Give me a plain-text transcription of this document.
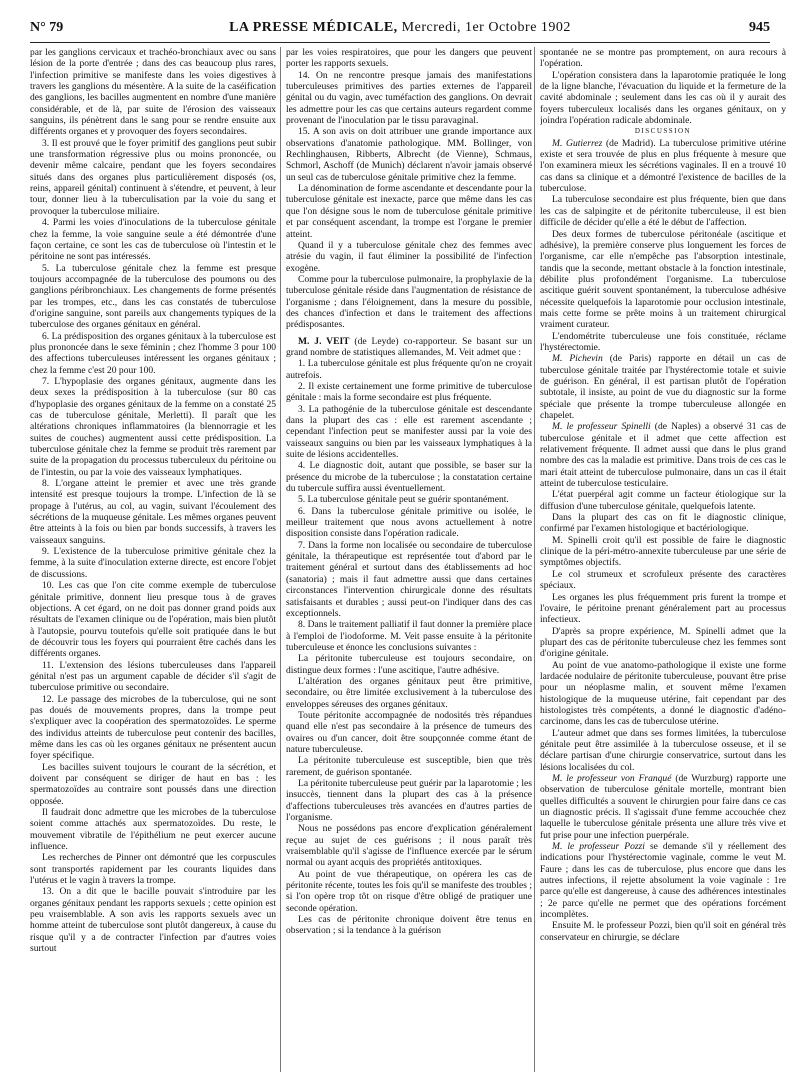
N° 79	LA PRESSE MÉDICALE, Mercredi, 1er Octobre 1902	945

par les ganglions cervicaux et trachéo-bronchiaux avec ou sans lésion de la porte d'entrée ; dans des cas beaucoup plus rares, l'infection primitive se manifeste dans les voies digestives à travers les ganglions du mésentère. A la suite de la caséification des ganglions, les bacilles augmentent en nombre d'une manière considérable, et de là, par suite de l'érosion des vaisseaux sanguins, ils pénètrent dans le sang pour se rendre ensuite aux différents organes et y provoquer des foyers secondaires.

3. Il est prouvé que le foyer primitif des ganglions peut subir une transformation régressive plus ou moins prononcée, ou devenir même calcaire, pendant que les foyers secondaires situés dans des organes plus particulièrement disposés (os, reins, appareil génital) continuent à s'étendre, et peuvent, à leur tour, donner lieu à la tuberculisation par la voie du sang et provoquer la tuberculose miliaire.

4. Parmi les voies d'inoculations de la tuberculose génitale chez la femme, la voie sanguine seule a été démontrée d'une façon certaine, ce sont les cas de tuberculose où l'intestin et le péritoine ne sont pas intéressés.

5. La tuberculose génitale chez la femme est presque toujours accompagnée de la tuberculose des poumons ou des ganglions péribronchiaux. Les changements de forme présentés par les trompes, etc., dans les cas constatés de tuberculose d'origine sanguine, sont pareils aux changements typiques de la tuberculose des organes génitaux en général.

6. La prédisposition des organes génitaux à la tuberculose est plus prononcée dans le sexe féminin ; chez l'homme 3 pour 100 des affections tuberculeuses intéressent les organes génitaux ; chez la femme c'est 20 pour 100.

7. L'hypoplasie des organes génitaux, augmente dans les deux sexes la prédisposition à la tuberculose (sur 80 cas d'hypoplasie des organes génitaux de la femme on a constaté 25 cas de tuberculose génitale, Merletti). Il paraît que les altérations chroniques inflammatoires (la blennorragie et les suites de couches) augmentent aussi cette prédisposition. La tuberculose génitale chez la femme se produit très rarement par suite de la propagation du processus tuberculeux du péritoine ou de l'intestin, ou par la voie des vaisseaux lymphatiques.

8. L'organe atteint le premier et avec une très grande intensité est presque toujours la trompe. L'infection de là se propage à l'utérus, au col, au vagin, suivant l'écoulement des sécrétions de la muqueuse génitale. Les mêmes organes peuvent être atteints à la fois ou bien par bonds successifs, à travers les vaisseaux sanguins.

9. L'existence de la tuberculose primitive génitale chez la femme, à la suite d'inoculation externe directe, est encore l'objet de discussions.

10. Les cas que l'on cite comme exemple de tuberculose génitale primitive, donnent lieu presque tous à de graves objections. A cet égard, on ne doit pas donner grand poids aux résultats de l'examen clinique ou de l'opération, mais bien plutôt à l'autopsie, pourvu toutefois qu'elle soit pratiquée dans le but de découvrir tous les foyers qui pourraient être cachés dans les différents organes.

11. L'extension des lésions tuberculeuses dans l'appareil génital n'est pas un argument capable de décider s'il s'agit de tuberculose primitive ou secondaire.

12. Le passage des microbes de la tuberculose, qui ne sont pas doués de mouvements propres, dans la trompe peut s'expliquer avec la coopération des spermatozoïdes. Le sperme des individus atteints de tuberculose peut contenir des bacilles, même dans les cas où les organes génitaux ne présentent aucun foyer spécifique.

Les bacilles suivent toujours le courant de la sécrétion, et doivent par conséquent se diriger de haut en bas : les spermatozoïdes au contraire sont poussés dans une direction opposée.

Il faudrait donc admettre que les microbes de la tuberculose soient comme attachés aux spermatozoïdes. Du reste, le mouvement vibratile de l'épithélium ne peut exercer aucune influence.

Les recherches de Pinner ont démontré que les corpuscules sont transportés rapidement par les courants liquides dans l'utérus et le vagin à travers la trompe.

13. On a dit que le bacille pouvait s'introduire par les organes génitaux pendant les rapports sexuels ; cette opinion est peu vraisemblable. A son avis les rapports sexuels avec un homme atteint de tuberculose sont plutôt dangereux, à cause du risque qu'il y a de contracter l'infection par d'autres voies surtout

par les voies respiratoires, que pour les dangers que peuvent porter les rapports sexuels.

14. On ne rencontre presque jamais des manifestations tuberculeuses primitives des parties externes de l'appareil génital ou du vagin, avec tuméfaction des ganglions. On devrait les admettre pour les cas que certains auteurs regardent comme provenant de l'inoculation par le tissu paravaginal.

15. A son avis on doit attribuer une grande importance aux observations d'anatomie pathologique. MM. Bollinger, von Rechlinghausen, Ribberts, Albrecht (de Vienne), Schmaus, Schmorl, Aschoff (de Munich) déclarent n'avoir jamais observé un seul cas de tuberculose génitale primitive chez la femme.

La dénomination de forme ascendante et descendante pour la tuberculose génitale est inexacte, parce que même dans les cas que l'on désigne sous le nom de tuberculose génitale primitive et par conséquent ascendant, la trompe est l'organe le premier atteint.

Quand il y a tuberculose génitale chez des femmes avec atrésie du vagin, il faut éliminer la possibilité de l'infection exogène.

Comme pour la tuberculose pulmonaire, la prophylaxie de la tuberculose génitale réside dans l'augmentation de résistance de l'organisme ; dans l'éloignement, dans la mesure du possible, des chances d'infection et dans le traitement des affections prédisposantes.

M. J. VEIT (de Leyde) co-rapporteur. Se basant sur un grand nombre de statistiques allemandes, M. Veit admet que :

1. La tuberculose génitale est plus fréquente qu'on ne croyait autrefois.

2. Il existe certainement une forme primitive de tuberculose génitale : mais la forme secondaire est plus fréquente.

3. La pathogénie de la tuberculose génitale est descendante dans la plupart des cas : elle est rarement ascendante ; cependant l'infection peut se manifester aussi par la voie des vaisseaux sanguins ou bien par les vaisseaux lymphatiques à la suite de lésions accidentelles.

4. Le diagnostic doit, autant que possible, se baser sur la présence du microbe de la tuberculose ; la constatation certaine du tubercule suffira aussi éventuellement.

5. La tuberculose génitale peut se guérir spontanément.

6. Dans la tuberculose génitale primitive ou isolée, le meilleur traitement que nous avons actuellement à notre disposition consiste dans l'opération radicale.

7. Dans la forme non localisée ou secondaire de tuberculose génitale, la thérapeutique est représentée tout d'abord par le traitement général et surtout dans des établissements ad hoc (sanatoria) ; mais il faut admettre aussi que dans certaines circonstances l'intervention chirurgicale donne des résultats satisfaisants et durables ; aussi peut-on l'indiquer dans des cas exceptionnels.

8. Dans le traitement palliatif il faut donner la première place à l'emploi de l'iodoforme. M. Veit passe ensuite à la péritonite tuberculeuse et énonce les conclusions suivantes :

La péritonite tuberculeuse est toujours secondaire, on distingue deux formes : l'une ascitique, l'autre adhésive.

L'altération des organes génitaux peut être primitive, secondaire, ou être limitée exclusivement à la tuberculose des enveloppes séreuses des organes génitaux.

Toute péritonite accompagnée de nodosités très répandues quand elle n'est pas secondaire à la présence de tumeurs des ovaires ou d'un cancer, doit être soupçonnée comme étant de nature tuberculeuse.

La péritonite tuberculeuse est susceptible, bien que très rarement, de guérison spontanée.

La péritonite tuberculeuse peut guérir par la laparotomie ; les insuccès, tiennent dans la plupart des cas à la présence d'affections tuberculeuses très avancées en d'autres parties de l'organisme.

Nous ne possédons pas encore d'explication généralement reçue au sujet de ces guérisons ; il nous paraît très vraisemblable qu'il s'agisse de l'influence exercée par le sérum normal ou ayant acquis des propriétés antitoxiques.

Au point de vue thérapeutique, on opérera les cas de péritonite récente, toutes les fois qu'il se manifeste des troubles ; si l'on opère trop tôt on risque d'être obligé de pratiquer une seconde opération.

Les cas de péritonite chronique doivent être tenus en observation ; si la tendance à la guérison

spontanée ne se montre pas promptement, on aura recours à l'opération.

L'opération consistera dans la laparotomie pratiquée le long de la ligne blanche, l'évacuation du liquide et la fermeture de la cavité abdominale ; seulement dans les cas où il y aurait des foyers tuberculeux localisés dans les organes génitaux, on y joindra l'opération radicale abdominale.

DISCUSSION

M. Gutierrez (de Madrid). La tuberculose primitive utérine existe et sera trouvée de plus en plus fréquente à mesure que l'on examinera mieux les sécrétions vaginales. Il en a trouvé 10 cas dans sa clinique et a démontré l'existence de bacilles de la tuberculose.

La tuberculose secondaire est plus fréquente, bien que dans les cas de salpingite et de péritonite tuberculeuse, il est bien difficile de décider qu'elle a été le début de l'affection.

Des deux formes de tuberculose péritonéale (ascitique et adhésive), la première conserve plus longuement les forces de l'organisme, car elle n'empêche pas l'absorption intestinale, tandis que la seconde, mettant obstacle à la fonction intestinale, débilite plus profondément l'organisme. La tuberculose ascitique guérit souvent spontanément, la tuberculose adhésive nécessite quelquefois la laparotomie pour occlusion intestinale, mais cette forme se prête moins à un traitement chirurgical vraiment curateur.

L'endométrite tuberculeuse une fois constituée, réclame l'hystérectomie.

M. Pichevin (de Paris) rapporte en détail un cas de tuberculose génitale traitée par l'hystérectomie totale et suivie de guérison. En général, il est partisan plutôt de l'opération subtotale, il insiste, au point de vue du diagnostic sur la forme spéciale que présente la trompe tuberculeuse allongée en chapelet.

M. le professeur Spinelli (de Naples) a observé 31 cas de tuberculose génitale et il admet que cette affection est relativement fréquente. Il admet aussi que dans le plus grand nombre des cas la maladie est primitive. Dans trois de ces cas le mari était atteint de tuberculose pulmonaire, dans un cas il était atteint de tuberculose testiculaire.

L'état puerpéral agit comme un facteur étiologique sur la diffusion d'une tuberculose génitale, quelquefois latente.

Dans la plupart des cas on fit le diagnostic clinique, confirmé par l'examen histologique et bactériologique.

M. Spinelli croit qu'il est possible de faire le diagnostic clinique de la péri-métro-annexite tuberculeuse par une série de symptômes objectifs.

Le col strumeux et scrofuleux présente des caractères spéciaux.

Les organes les plus fréquemment pris furent la trompe et l'ovaire, le péritoine prenant généralement part au processus infectieux.

D'après sa propre expérience, M. Spinelli admet que la plupart des cas de péritonite tuberculeuse chez les femmes sont d'origine génitale.

Au point de vue anatomo-pathologique il existe une forme lardacée nodulaire de péritonite tuberculeuse, pouvant être prise pour un néoplasme malin, et souvent même l'examen histologique de la muqueuse utérine, fait cependant par des histologistes très compétents, a donné le diagnostic d'adéno-carcinome, dans les cas de tuberculose utérine.

L'auteur admet que dans ses formes limitées, la tuberculose génitale peut être assimilée à la tuberculose osseuse, et il se déclare partisan d'une chirurgie conservatrice, surtout dans les lésions localisées du col.

M. le professeur von Franqué (de Wurzburg) rapporte une observation de tuberculose génitale mortelle, montrant bien quelles difficultés a souvent le chirurgien pour faire dans ce cas un diagnostic précis. Il s'agissait d'une femme accouchée chez laquelle le tuberculose génitale présenta une allure très vive et fut prise pour une infection puerpérale.

M. le professeur Pozzi se demande s'il y réellement des indications pour l'hystérectomie vaginale, comme le veut M. Faure ; dans les cas de tuberculose, plus encore que dans les autres infections, il rejette absolument la voie vaginale : 1re parce qu'elle est dangereuse, à cause des adhérences intestinales ; 2e parce qu'elle ne permet que des opérations forcément incomplètes.

Ensuite M. le professeur Pozzi, bien qu'il soit en général très conservateur en chirurgie, se déclare
